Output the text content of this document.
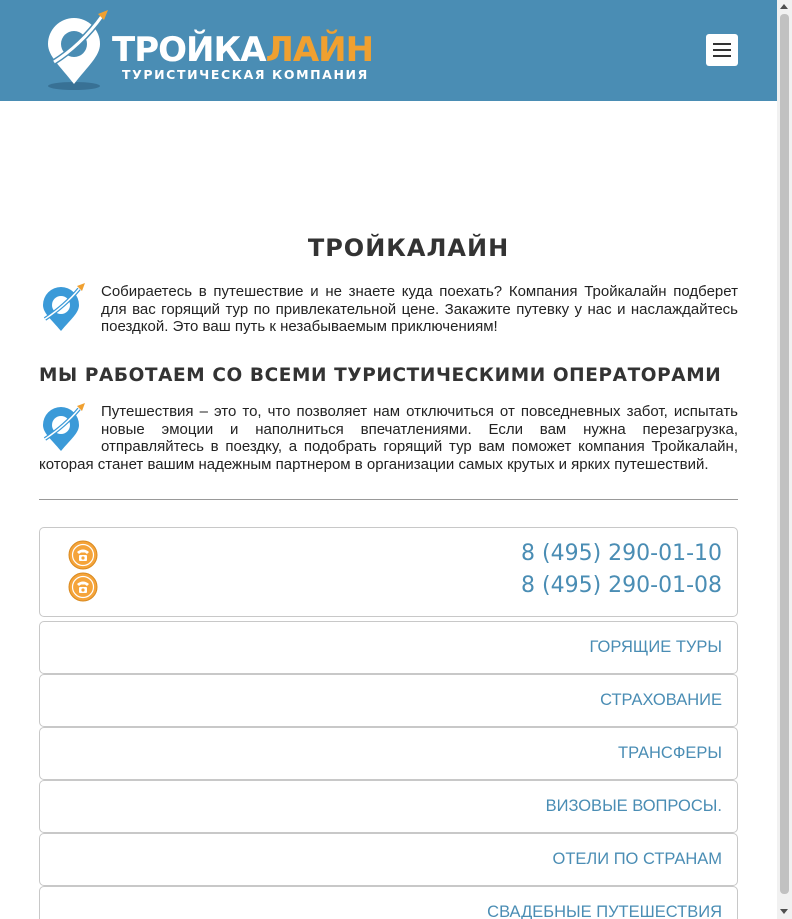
ТРОЙКАЛАЙН
ТУРИСТИЧЕСКАЯ КОМПАНИЯ
ТРОЙКАЛАЙН
Собираетесь в путешествие и не знаете куда поехать? Компания Тройкалайн подберет для вас горящий тур по привлекательной цене. Закажите путевку у нас и наслаждайтесь поездкой. Это ваш путь к незабываемым приключениям!
МЫ РАБОТАЕМ СО ВСЕМИ ТУРИСТИЧЕСКИМИ ОПЕРАТОРАМИ
Путешествия – это то, что позволяет нам отключиться от повседневных забот, испытать новые эмоции и наполниться впечатлениями. Если вам нужна перезагрузка, отправляйтесь в поездку, а подобрать горящий тур вам поможет компания Тройкалайн, которая станет вашим надежным партнером в организации самых крутых и ярких путешествий.
8 (495) 290-01-10
8 (495) 290-01-08
ГОРЯЩИЕ ТУРЫ
СТРАХОВАНИЕ
ТРАНСФЕРЫ
ВИЗОВЫЕ ВОПРОСЫ.
ОТЕЛИ ПО СТРАНАМ
СВАДЕБНЫЕ ПУТЕШЕСТВИЯ
